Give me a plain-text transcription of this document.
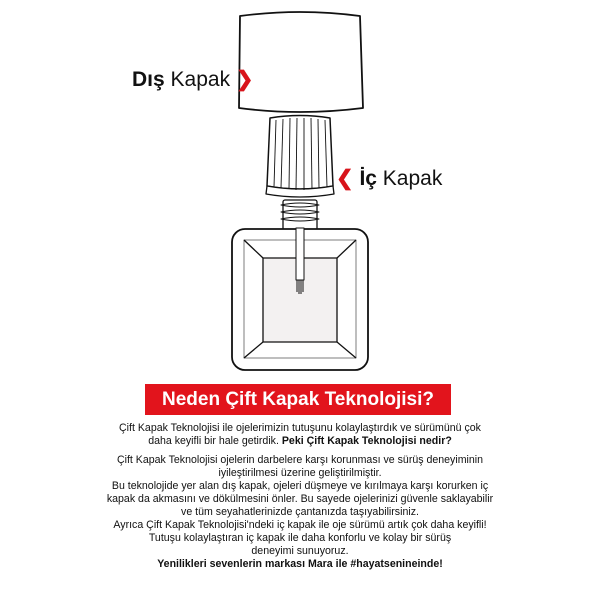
Dış Kapak ❯
❮ İç Kapak
Neden Çift Kapak Teknolojisi?

Çift Kapak Teknolojisi ile ojelerimizin tutuşunu kolaylaştırdık ve sürümünü çok
daha keyifli bir hale getirdik. Peki Çift Kapak Teknolojisi nedir?

Çift Kapak Teknolojisi ojelerin darbelere karşı korunması ve sürüş deneyiminin
iyileştirilmesi üzerine geliştirilmiştir.
Bu teknolojide yer alan dış kapak, ojeleri düşmeye ve kırılmaya karşı korurken iç
kapak da akmasını ve dökülmesini önler. Bu sayede ojelerinizi güvenle saklayabilir
ve tüm seyahatlerinizde çantanızda taşıyabilirsiniz.
Ayrıca Çift Kapak Teknolojisi'ndeki iç kapak ile oje sürümü artık çok daha keyifli!
Tutuşu kolaylaştıran iç kapak ile daha konforlu ve kolay bir sürüş
deneyimi sunuyoruz.
Yenilikleri sevenlerin markası Mara ile #hayatsenineinde!
